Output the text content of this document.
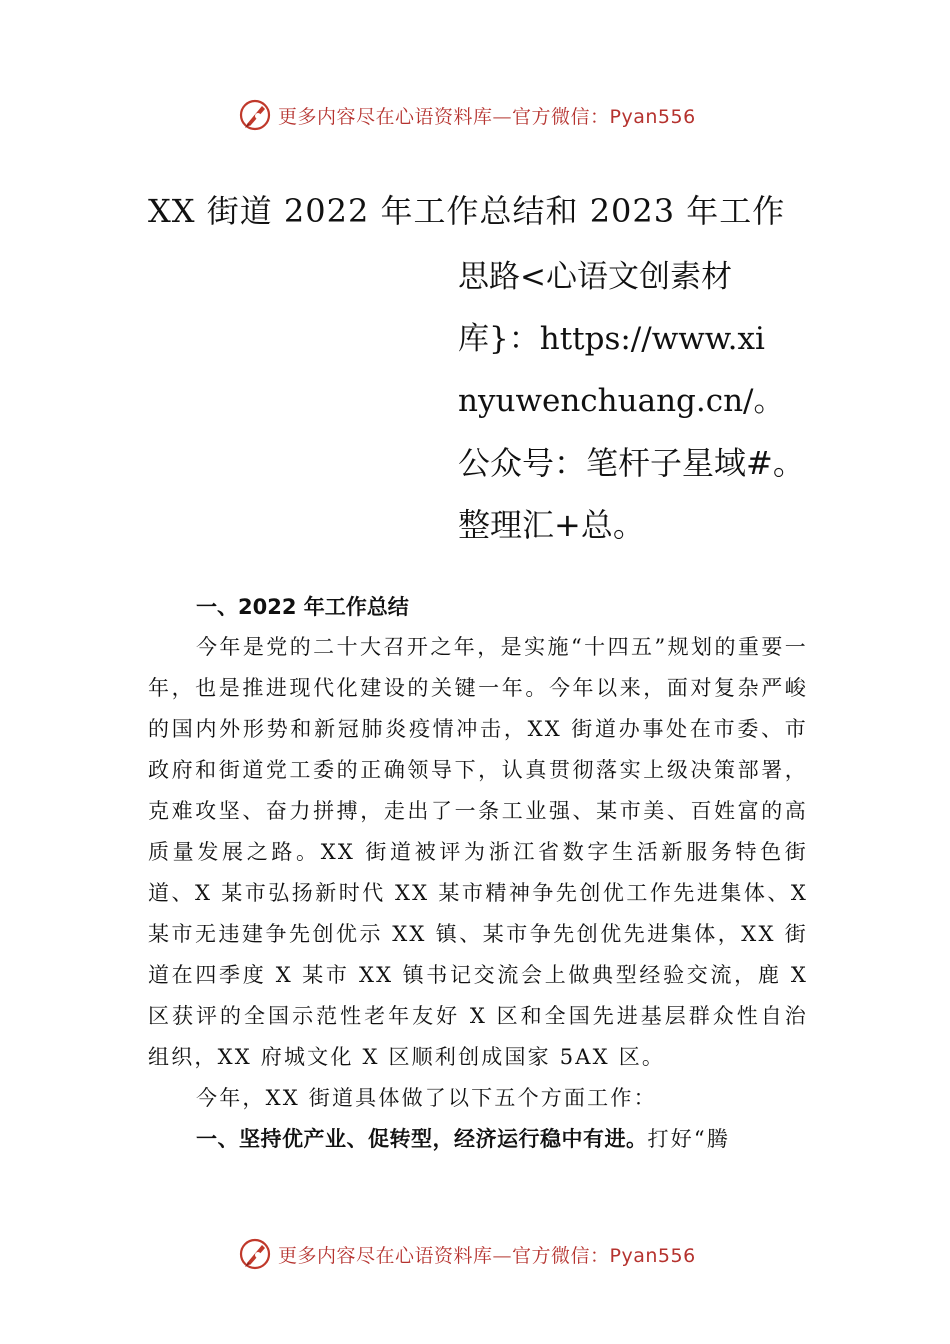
更多内容尽在心语资料库—官方微信：Pyan556
XX 街道 2022 年工作总结和 2023 年工作
思路<心语文创素材
库}：https://www.xi
nyuwenchuang.cn/。
公众号：笔杆子星域#。
整理汇+总。
一、2022 年工作总结

今年是党的二十大召开之年，是实施“十四五”规划的重要一年，也是推进现代化建设的关键一年。今年以来，面对复杂严峻的国内外形势和新冠肺炎疫情冲击，XX 街道办事处在市委、市政府和街道党工委的正确领导下，认真贯彻落实上级决策部署，克难攻坚、奋力拼搏，走出了一条工业强、某市美、百姓富的高质量发展之路。XX 街道被评为浙江省数字生活新服务特色街道、X 某市弘扬新时代 XX 某市精神争先创优工作先进集体、X 某市无违建争先创优示 XX 镇、某市争先创优先进集体，XX 街道在四季度 X 某市 XX 镇书记交流会上做典型经验交流，鹿 X 区获评的全国示范性老年友好 X 区和全国先进基层群众性自治组织，XX 府城文化 X 区顺利创成国家 5AX 区。

今年，XX 街道具体做了以下五个方面工作：

一、坚持优产业、促转型，经济运行稳中有进。打好“腾

更多内容尽在心语资料库—官方微信：Pyan556
